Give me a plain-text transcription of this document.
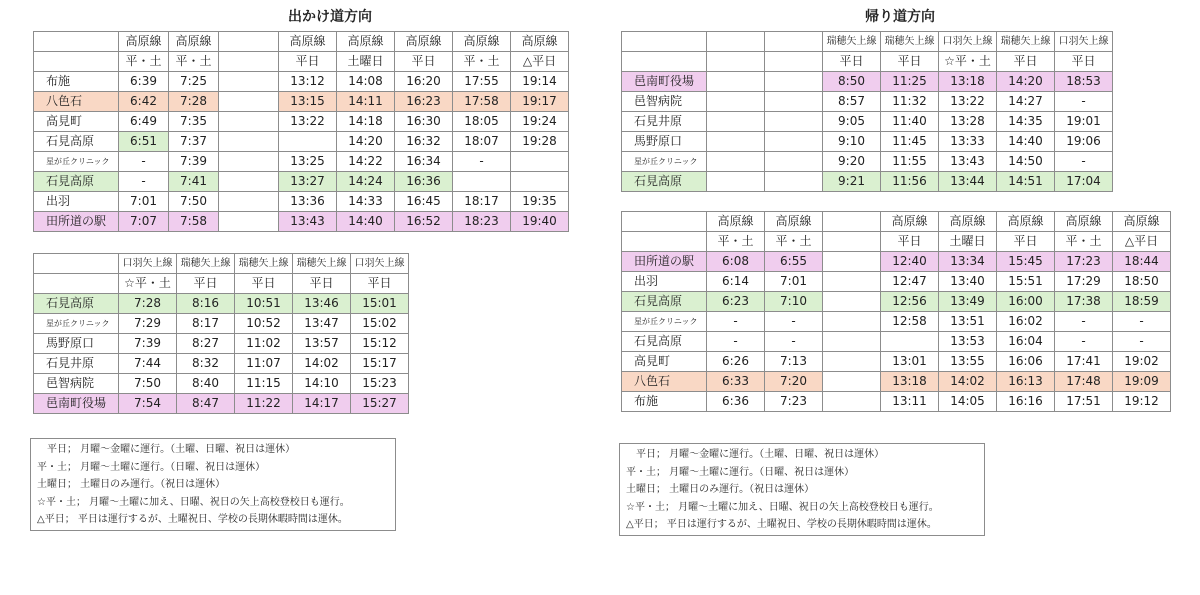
出かけ道方向	帰り道方向
	高原線	高原線		高原線	高原線	高原線	高原線	高原線
	平・土	平・土		平日	土曜日	平日	平・土	△平日
布施	6:39	7:25		13:12	14:08	16:20	17:55	19:14
八色石	6:42	7:28		13:15	14:11	16:23	17:58	19:17
高見町	6:49	7:35		13:22	14:18	16:30	18:05	19:24
石見高原	6:51	7:37			14:20	16:32	18:07	19:28
星が丘クリニック	-	7:39		13:25	14:22	16:34	-	
石見高原	-	7:41		13:27	14:24	16:36		
出羽	7:01	7:50		13:36	14:33	16:45	18:17	19:35
田所道の駅	7:07	7:58		13:43	14:40	16:52	18:23	19:40
	口羽矢上線	瑞穂矢上線	瑞穂矢上線	瑞穂矢上線	口羽矢上線
	☆平・土	平日	平日	平日	平日
石見高原	7:28	8:16	10:51	13:46	15:01
星が丘クリニック	7:29	8:17	10:52	13:47	15:02
馬野原口	7:39	8:27	11:02	13:57	15:12
石見井原	7:44	8:32	11:07	14:02	15:17
邑智病院	7:50	8:40	11:15	14:10	15:23
邑南町役場	7:54	8:47	11:22	14:17	15:27
			瑞穂矢上線	瑞穂矢上線	口羽矢上線	瑞穂矢上線	口羽矢上線
			平日	平日	☆平・土	平日	平日
邑南町役場			8:50	11:25	13:18	14:20	18:53
邑智病院			8:57	11:32	13:22	14:27	-
石見井原			9:05	11:40	13:28	14:35	19:01
馬野原口			9:10	11:45	13:33	14:40	19:06
星が丘クリニック			9:20	11:55	13:43	14:50	-
石見高原			9:21	11:56	13:44	14:51	17:04
	高原線	高原線		高原線	高原線	高原線	高原線	高原線
	平・土	平・土		平日	土曜日	平日	平・土	△平日
田所道の駅	6:08	6:55		12:40	13:34	15:45	17:23	18:44
出羽	6:14	7:01		12:47	13:40	15:51	17:29	18:50
石見高原	6:23	7:10		12:56	13:49	16:00	17:38	18:59
星が丘クリニック	-	-		12:58	13:51	16:02	-	-
石見高原	-	-			13:53	16:04	-	-
高見町	6:26	7:13		13:01	13:55	16:06	17:41	19:02
八色石	6:33	7:20		13:18	14:02	16:13	17:48	19:09
布施	6:36	7:23		13:11	14:05	16:16	17:51	19:12
　平日； 月曜～金曜に運行。（土曜、日曜、祝日は運休）
平・土； 月曜～土曜に運行。（日曜、祝日は運休）
土曜日； 土曜日のみ運行。（祝日は運休）
☆平・土； 月曜～土曜に加え、日曜、祝日の矢上高校登校日も運行。
△平日； 平日は運行するが、土曜祝日、学校の長期休暇時間は運休。
　平日； 月曜～金曜に運行。（土曜、日曜、祝日は運休）
平・土； 月曜～土曜に運行。（日曜、祝日は運休）
土曜日； 土曜日のみ運行。（祝日は運休）
☆平・土； 月曜～土曜に加え、日曜、祝日の矢上高校登校日も運行。
△平日； 平日は運行するが、土曜祝日、学校の長期休暇時間は運休。
